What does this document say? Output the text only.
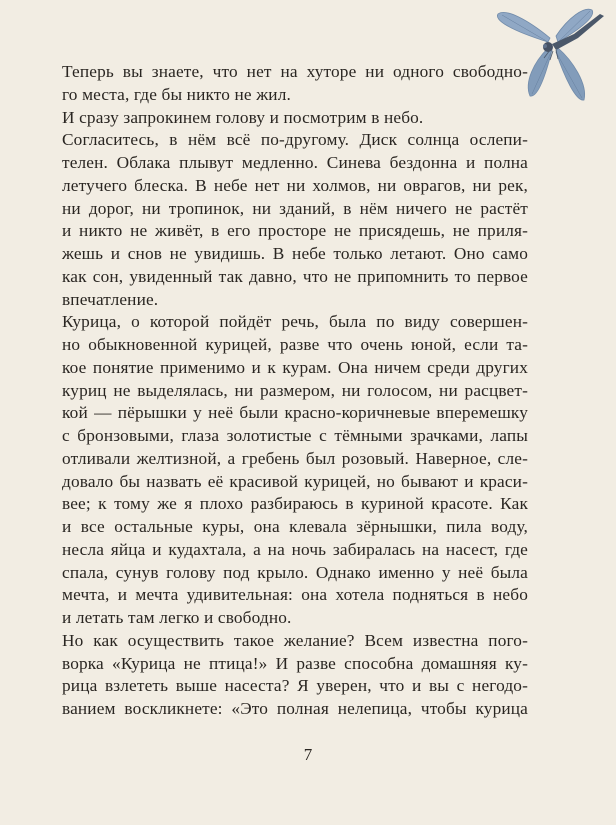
Теперь вы знаете, что нет на хуторе ни одного свободно-
го места, где бы никто не жил.
И сразу запрокинем голову и посмотрим в небо.
Согласитесь, в нём всё по-другому. Диск солнца ослепи-
телен. Облака плывут медленно. Синева бездонна и полна
летучего блеска. В небе нет ни холмов, ни оврагов, ни рек,
ни дорог, ни тропинок, ни зданий, в нём ничего не растёт
и никто не живёт, в его просторе не присядешь, не приля-
жешь и снов не увидишь. В небе только летают. Оно само
как сон, увиденный так давно, что не припомнить то первое
впечатление.
Курица, о которой пойдёт речь, была по виду совершен-
но обыкновенной курицей, разве что очень юной, если та-
кое понятие применимо и к курам. Она ничем среди других
куриц не выделялась, ни размером, ни голосом, ни расцвет-
кой — пёрышки у неё были красно-коричневые вперемешку
с бронзовыми, глаза золотистые с тёмными зрачками, лапы
отливали желтизной, а гребень был розовый. Наверное, сле-
довало бы назвать её красивой курицей, но бывают и краси-
вее; к тому же я плохо разбираюсь в куриной красоте. Как
и все остальные куры, она клевала зёрнышки, пила воду,
несла яйца и кудахтала, а на ночь забиралась на насест, где
спала, сунув голову под крыло. Однако именно у неё была
мечта, и мечта удивительная: она хотела подняться в небо
и летать там легко и свободно.
Но как осуществить такое желание? Всем известна пого-
ворка «Курица не птица!» И разве способна домашняя ку-
рица взлететь выше насеста? Я уверен, что и вы с негодо-
ванием воскликнете: «Это полная нелепица, чтобы курица
7
